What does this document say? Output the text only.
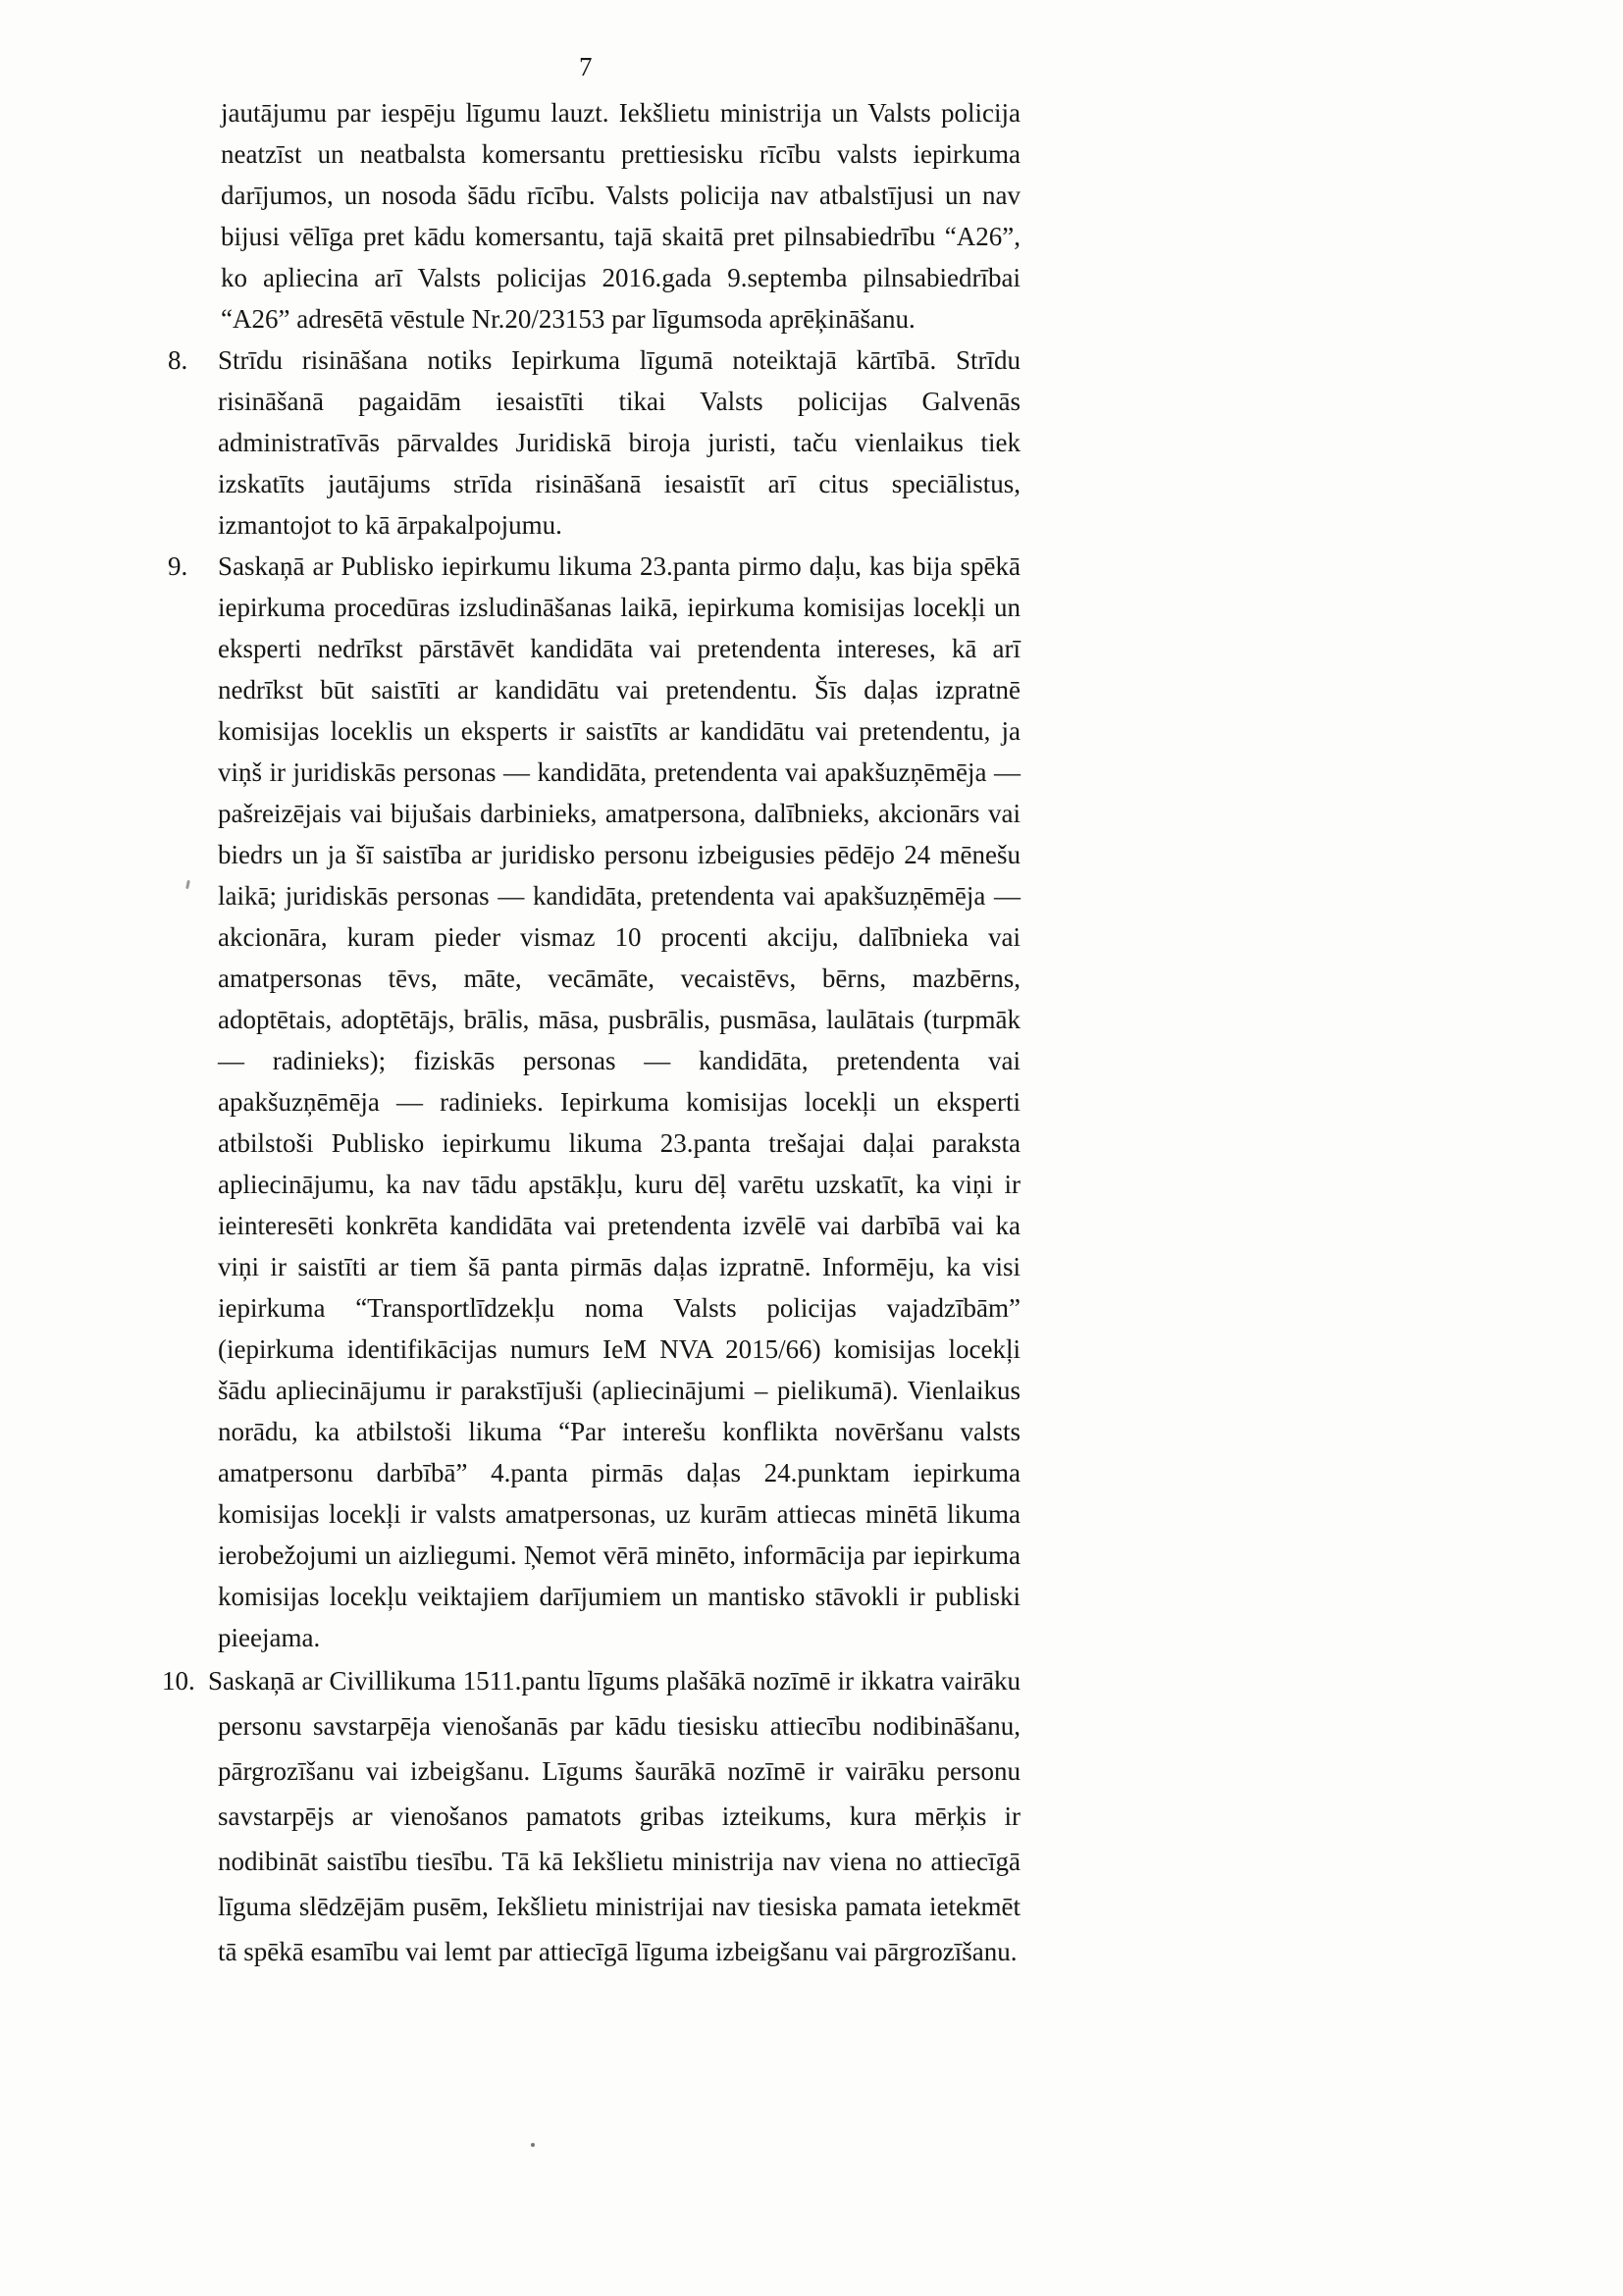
7

jautājumu par iespēju līgumu lauzt. Iekšlietu ministrija un Valsts policija neatzīst un neatbalsta komersantu prettiesisku rīcību valsts iepirkuma darījumos, un nosoda šādu rīcību. Valsts policija nav atbalstījusi un nav bijusi vēlīga pret kādu komersantu, tajā skaitā pret pilnsabiedrību “A26”, ko apliecina arī Valsts policijas 2016.gada 9.septemba pilnsabiedrībai “A26” adresētā vēstule Nr.20/23153 par līgumsoda aprēķināšanu.

8. Strīdu risināšana notiks Iepirkuma līgumā noteiktajā kārtībā. Strīdu risināšanā pagaidām iesaistīti tikai Valsts policijas Galvenās administratīvās pārvaldes Juridiskā biroja juristi, taču vienlaikus tiek izskatīts jautājums strīda risināšanā iesaistīt arī citus speciālistus, izmantojot to kā ārpakalpojumu.

9. Saskaņā ar Publisko iepirkumu likuma 23.panta pirmo daļu, kas bija spēkā iepirkuma procedūras izsludināšanas laikā, iepirkuma komisijas locekļi un eksperti nedrīkst pārstāvēt kandidāta vai pretendenta intereses, kā arī nedrīkst būt saistīti ar kandidātu vai pretendentu. Šīs daļas izpratnē komisijas loceklis un eksperts ir saistīts ar kandidātu vai pretendentu, ja viņš ir juridiskās personas — kandidāta, pretendenta vai apakšuzņēmēja — pašreizējais vai bijušais darbinieks, amatpersona, dalībnieks, akcionārs vai biedrs un ja šī saistība ar juridisko personu izbeigusies pēdējo 24 mēnešu laikā; juridiskās personas — kandidāta, pretendenta vai apakšuzņēmēja — akcionāra, kuram pieder vismaz 10 procenti akciju, dalībnieka vai amatpersonas tēvs, māte, vecāmāte, vecaistēvs, bērns, mazbērns, adoptētais, adoptētājs, brālis, māsa, pusbrālis, pusmāsa, laulātais (turpmāk — radinieks); fiziskās personas — kandidāta, pretendenta vai apakšuzņēmēja — radinieks. Iepirkuma komisijas locekļi un eksperti atbilstoši Publisko iepirkumu likuma 23.panta trešajai daļai paraksta apliecinājumu, ka nav tādu apstākļu, kuru dēļ varētu uzskatīt, ka viņi ir ieinteresēti konkrēta kandidāta vai pretendenta izvēlē vai darbībā vai ka viņi ir saistīti ar tiem šā panta pirmās daļas izpratnē. Informēju, ka visi iepirkuma “Transportlīdzekļu noma Valsts policijas vajadzībām” (iepirkuma identifikācijas numurs IeM NVA 2015/66) komisijas locekļi šādu apliecinājumu ir parakstījuši (apliecinājumi – pielikumā). Vienlaikus norādu, ka atbilstoši likuma “Par interešu konflikta novēršanu valsts amatpersonu darbībā” 4.panta pirmās daļas 24.punktam iepirkuma komisijas locekļi ir valsts amatpersonas, uz kurām attiecas minētā likuma ierobežojumi un aizliegumi. Ņemot vērā minēto, informācija par iepirkuma komisijas locekļu veiktajiem darījumiem un mantisko stāvokli ir publiski pieejama.

10. Saskaņā ar Civillikuma 1511.pantu līgums plašākā nozīmē ir ikkatra vairāku personu savstarpēja vienošanās par kādu tiesisku attiecību nodibināšanu, pārgrozīšanu vai izbeigšanu. Līgums šaurākā nozīmē ir vairāku personu savstarpējs ar vienošanos pamatots gribas izteikums, kura mērķis ir nodibināt saistību tiesību. Tā kā Iekšlietu ministrija nav viena no attiecīgā līguma slēdzējām pusēm, Iekšlietu ministrijai nav tiesiska pamata ietekmēt tā spēkā esamību vai lemt par attiecīgā līguma izbeigšanu vai pārgrozīšanu.
